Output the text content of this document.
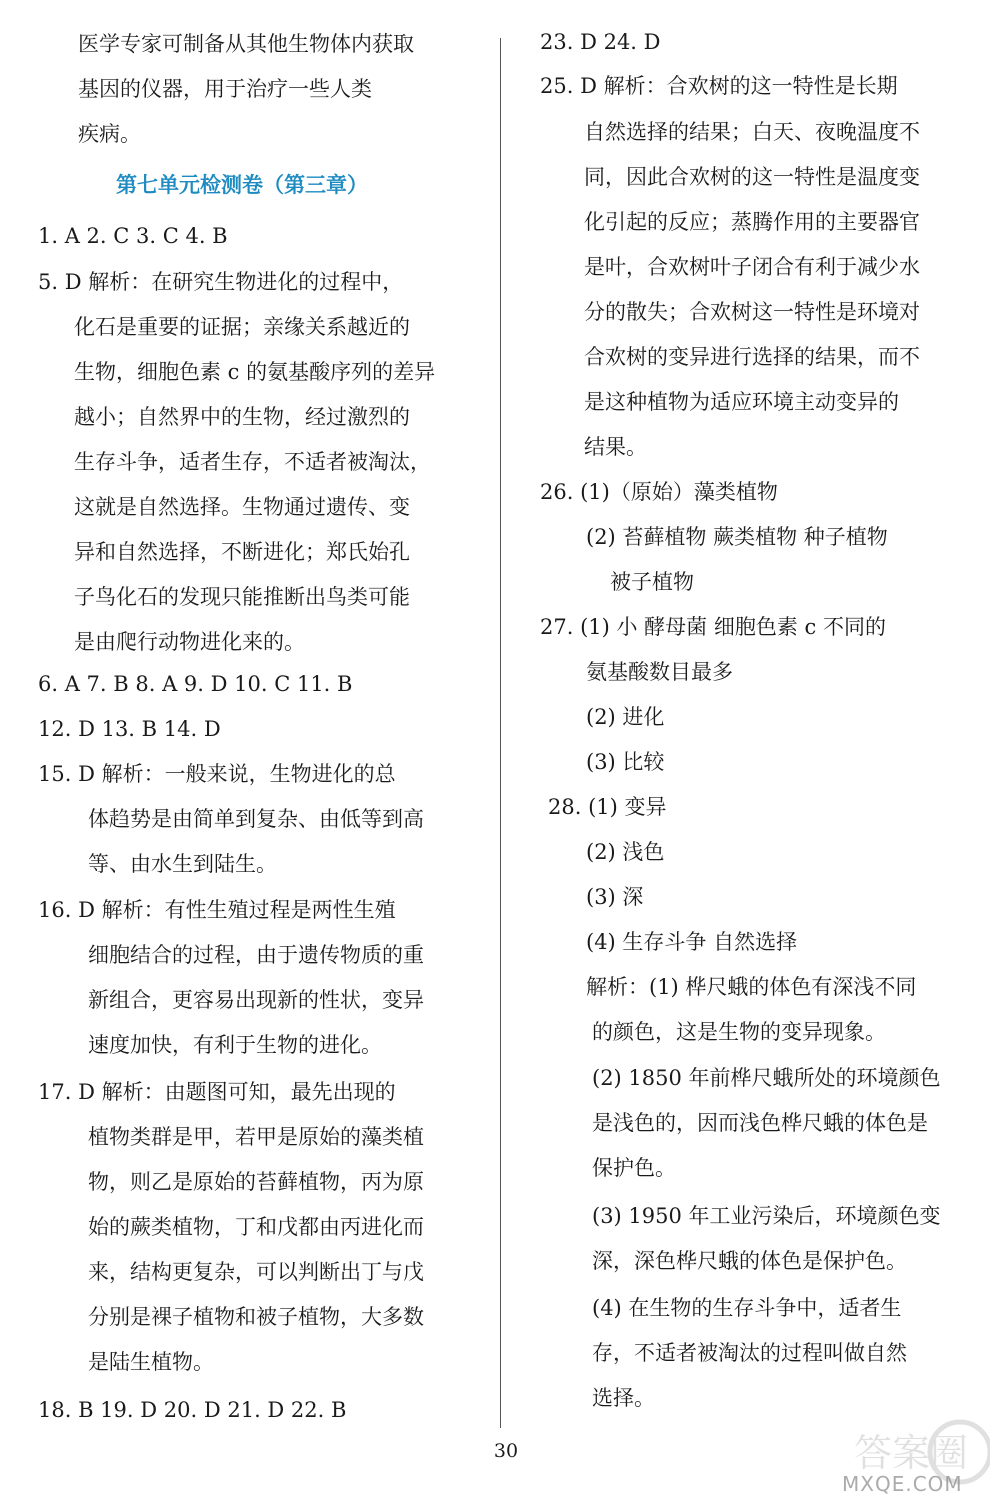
医学专家可制备从其他生物体内获取
基因的仪器，用于治疗一些人类
疾病。
第七单元检测卷（第三章）
1. A 2. C 3. C 4. B
5. D 解析：在研究生物进化的过程中，
化石是重要的证据；亲缘关系越近的
生物，细胞色素 c 的氨基酸序列的差异
越小；自然界中的生物，经过激烈的
生存斗争，适者生存，不适者被淘汰，
这就是自然选择。生物通过遗传、变
异和自然选择，不断进化；郑氏始孔
子鸟化石的发现只能推断出鸟类可能
是由爬行动物进化来的。
6. A 7. B 8. A 9. D 10. C 11. B
12. D 13. B 14. D
15. D 解析：一般来说，生物进化的总
体趋势是由简单到复杂、由低等到高
等、由水生到陆生。
16. D 解析：有性生殖过程是两性生殖
细胞结合的过程，由于遗传物质的重
新组合，更容易出现新的性状，变异
速度加快，有利于生物的进化。
17. D 解析：由题图可知，最先出现的
植物类群是甲，若甲是原始的藻类植
物，则乙是原始的苔藓植物，丙为原
始的蕨类植物，丁和戊都由丙进化而
来，结构更复杂，可以判断出丁与戊
分别是裸子植物和被子植物，大多数
是陆生植物。
18. B 19. D 20. D 21. D 22. B
23. D 24. D
25. D 解析：合欢树的这一特性是长期
自然选择的结果；白天、夜晚温度不
同，因此合欢树的这一特性是温度变
化引起的反应；蒸腾作用的主要器官
是叶，合欢树叶子闭合有利于减少水
分的散失；合欢树这一特性是环境对
合欢树的变异进行选择的结果，而不
是这种植物为适应环境主动变异的
结果。
26. (1)（原始）藻类植物
(2) 苔藓植物 蕨类植物 种子植物
被子植物
27. (1) 小 酵母菌 细胞色素 c 不同的
氨基酸数目最多
(2) 进化
(3) 比较
28. (1) 变异
(2) 浅色
(3) 深
(4) 生存斗争 自然选择
解析：(1) 桦尺蛾的体色有深浅不同
的颜色，这是生物的变异现象。
(2) 1850 年前桦尺蛾所处的环境颜色
是浅色的，因而浅色桦尺蛾的体色是
保护色。
(3) 1950 年工业污染后，环境颜色变
深，深色桦尺蛾的体色是保护色。
(4) 在生物的生存斗争中，适者生
存，不适者被淘汰的过程叫做自然
选择。
30	答案圈
MXQE.COM
